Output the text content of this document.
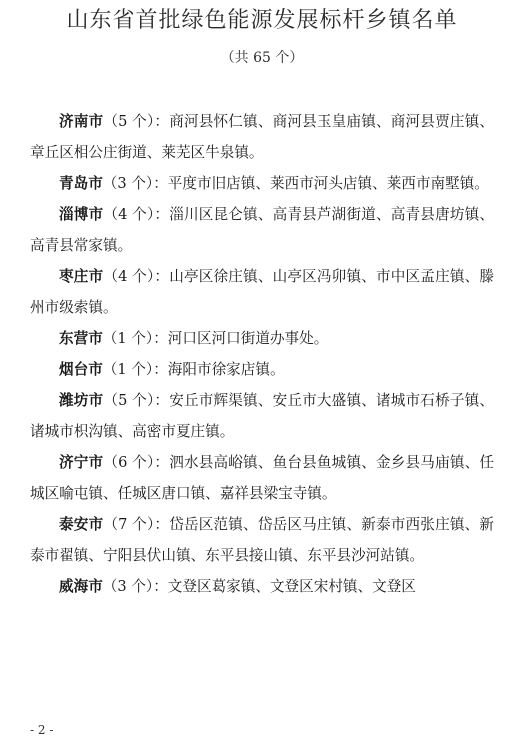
山东省首批绿色能源发展标杆乡镇名单
（共 65 个）

济南市（5 个）：商河县怀仁镇、商河县玉皇庙镇、商河县贾庄镇、章丘区相公庄街道、莱芜区牛泉镇。

青岛市（3 个）：平度市旧店镇、莱西市河头店镇、莱西市南墅镇。

淄博市（4 个）：淄川区昆仑镇、高青县芦湖街道、高青县唐坊镇、高青县常家镇。

枣庄市（4 个）：山亭区徐庄镇、山亭区冯卯镇、市中区孟庄镇、滕州市级索镇。

东营市（1 个）：河口区河口街道办事处。

烟台市（1 个）：海阳市徐家店镇。

潍坊市（5 个）：安丘市辉渠镇、安丘市大盛镇、诸城市石桥子镇、诸城市枳沟镇、高密市夏庄镇。

济宁市（6 个）：泗水县高峪镇、鱼台县鱼城镇、金乡县马庙镇、任城区喻屯镇、任城区唐口镇、嘉祥县梁宝寺镇。

泰安市（7 个）：岱岳区范镇、岱岳区马庄镇、新泰市西张庄镇、新泰市翟镇、宁阳县伏山镇、东平县接山镇、东平县沙河站镇。

威海市（3 个）：文登区葛家镇、文登区宋村镇、文登区

- 2 -
